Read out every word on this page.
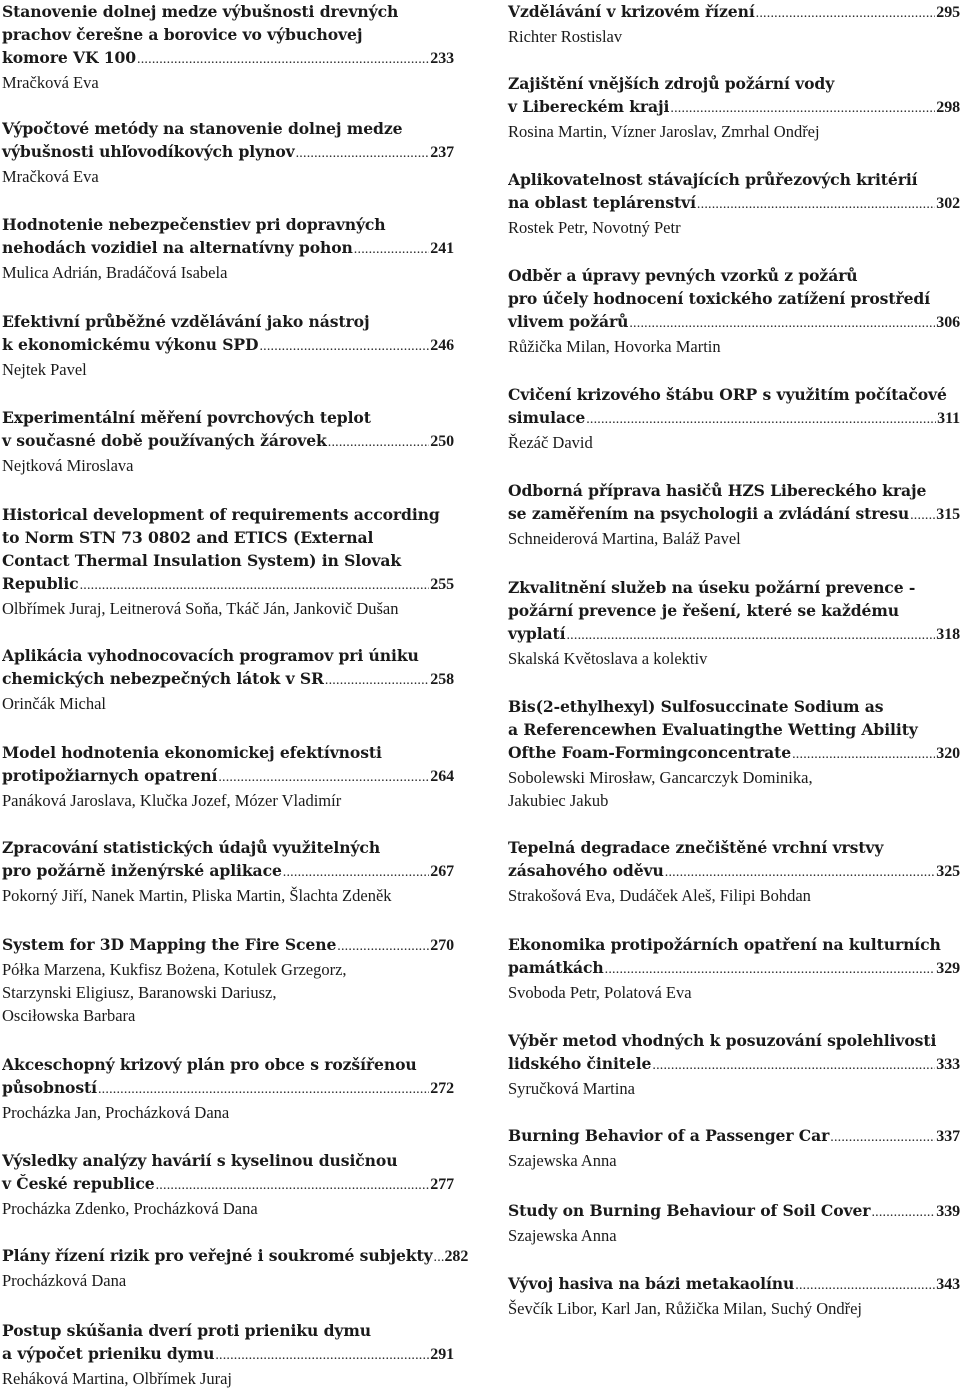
Stanovenie dolnej medze výbušnosti drevných
prachov čerešne a borovice vo výbuchovej
komore VK 100 .....	233
Mračková Eva
Výpočtové metódy na stanovenie dolnej medze
výbušnosti uhľovodíkových plynov .....	237
Mračková Eva
Hodnotenie nebezpečenstiev pri dopravných
nehodách vozidiel na alternatívny pohon .....	241
Mulica Adrián, Bradáčová Isabela
Efektivní průběžné vzdělávání jako nástroj
k ekonomickému výkonu SPD .....	246
Nejtek Pavel
Experimentální měření povrchových teplot
v současné době používaných žárovek .....	250
Nejtková Miroslava
Historical development of requirements according
to Norm STN 73 0802 and ETICS (External
Contact Thermal Insulation System) in Slovak
Republic .....	255
Olbřímek Juraj, Leitnerová Soňa, Tkáč Ján, Jankovič Dušan
Aplikácia vyhodnocovacích programov pri úniku
chemických nebezpečných látok v SR .....	258
Orinčák Michal
Model hodnotenia ekonomickej efektívnosti
protipožiarnych opatrení .....	264
Panáková Jaroslava, Klučka Jozef, Mózer Vladimír
Zpracování statistických údajů využitelných
pro požárně inženýrské aplikace .....	267
Pokorný Jiří, Nanek Martin, Pliska Martin, Šlachta Zdeněk
System for 3D Mapping the Fire Scene .....	270
Półka Marzena, Kukfisz Bożena, Kotulek Grzegorz,
Starzynski Eligiusz, Baranowski Dariusz,
Osciłowska Barbara
Akceschopný krizový plán pro obce s rozšířenou
působností .....	272
Procházka Jan, Procházková Dana
Výsledky analýzy havárií s kyselinou dusičnou
v České republice .....	277
Procházka Zdenko, Procházková Dana
Plány řízení rizik pro veřejné i soukromé subjekty ..... 282
Procházková Dana
Postup skúšania dverí proti prieniku dymu
a výpočet prieniku dymu .....	291
Reháková Martina, Olbřímek Juraj
Vzdělávání v krizovém řízení .....	295
Richter Rostislav
Zajištění vnějších zdrojů požární vody
v Libereckém kraji .....	298
Rosina Martin, Vízner Jaroslav, Zmrhal Ondřej
Aplikovatelnost stávajících průřezových kritérií
na oblast teplárenství .....	302
Rostek Petr, Novotný Petr
Odběr a úpravy pevných vzorků z požárů
pro účely hodnocení toxického zatížení prostředí
vlivem požárů .....	306
Růžička Milan, Hovorka Martin
Cvičení krizového štábu ORP s využitím počítačové
simulace .....	311
Řezáč David
Odborná příprava hasičů HZS Libereckého kraje
se zaměřením na psychologii a zvládání stresu ..... 315
Schneiderová Martina, Baláž Pavel
Zkvalitnění služeb na úseku požární prevence -
požární prevence je řešení, které se každému
vyplatí .....	318
Skalská Květoslava a kolektiv
Bis(2-ethylhexyl) Sulfosuccinate Sodium as
a Referencewhen Evaluatingthe Wetting Ability
Ofthe Foam-Formingconcentrate .....	320
Sobolewski Mirosław, Gancarczyk Dominika,
Jakubiec Jakub
Tepelná degradace znečištěné vrchní vrstvy
zásahového oděvu .....	325
Strakošová Eva, Dudáček Aleš, Filipi Bohdan
Ekonomika protipožárních opatření na kulturních
památkách .....	329
Svoboda Petr, Polatová Eva
Výběr metod vhodných k posuzování spolehlivosti
lidského činitele .....	333
Syručková Martina
Burning Behavior of a Passenger Car .....	337
Szajewska Anna
Study on Burning Behaviour of Soil Cover .....	339
Szajewska Anna
Vývoj hasiva na bázi metakaolínu .....	343
Ševčík Libor, Karl Jan, Růžička Milan, Suchý Ondřej
